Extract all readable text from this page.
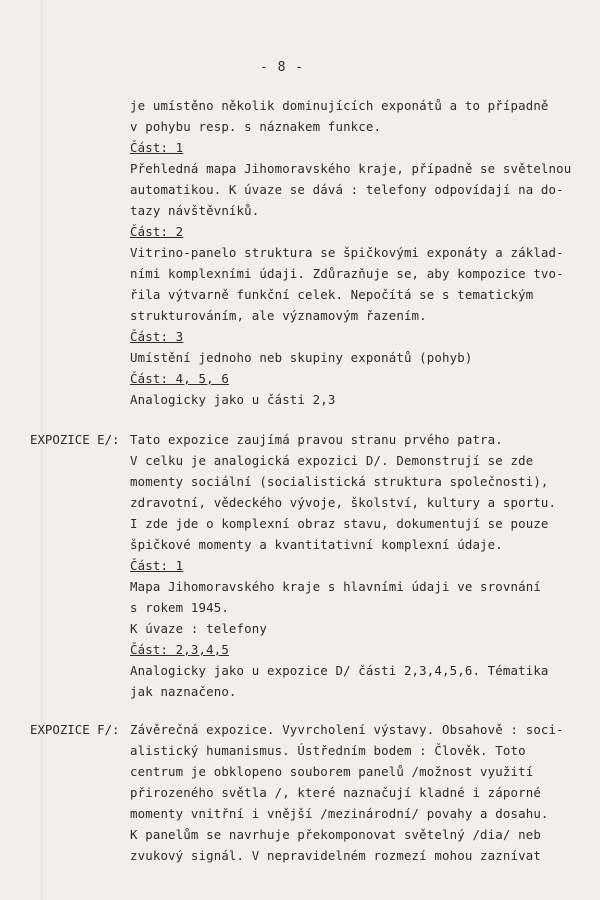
- 8 -
je umístěno několik dominujících exponátů a to případně
v pohybu resp. s náznakem funkce.
Část: 1
Přehledná mapa Jihomoravského kraje, případně se světelnou
automatikou. K úvaze se dává : telefony odpovídají na do-
tazy návštěvníků.
Část: 2
Vitrino-panelo struktura se špičkovými exponáty a základ-
ními komplexními údaji. Zdůrazňuje se, aby kompozice tvo-
řila výtvarně funkční celek. Nepočítá se s tematickým
strukturováním, ale významovým řazením.
Část: 3
Umístění jednoho neb skupiny exponátů (pohyb)
Část: 4, 5, 6
Analogicky jako u části 2,3
EXPOZICE E/: Tato expozice zaujímá pravou stranu prvého patra.
V celku je analogická expozici D/. Demonstrují se zde
momenty sociální (socialistická struktura společnosti),
zdravotní, vědeckého vývoje, školství, kultury a sportu.
I zde jde o komplexní obraz stavu, dokumentují se pouze
špičkové momenty a kvantitativní komplexní údaje.
Část: 1
Mapa Jihomoravského kraje s hlavními údaji ve srovnání
s rokem 1945.
K úvaze : telefony
Část: 2,3,4,5
Analogicky jako u expozice D/ části 2,3,4,5,6. Tématika
jak naznačeno.
EXPOZICE F/: Závěrečná expozice. Vyvrcholení výstavy. Obsahově : soci-
alistický humanismus. Ústředním bodem : Člověk. Toto
centrum je obklopeno souborem panelů /možnost využití
přirozeného světla /, které naznačují kladné i záporné
momenty vnitřní i vnější /mezinárodní/ povahy a dosahu.
K panelům se navrhuje překomponovat světelný /dia/ neb
zvukový signál. V nepravidelném rozmezí mohou zaznívat
